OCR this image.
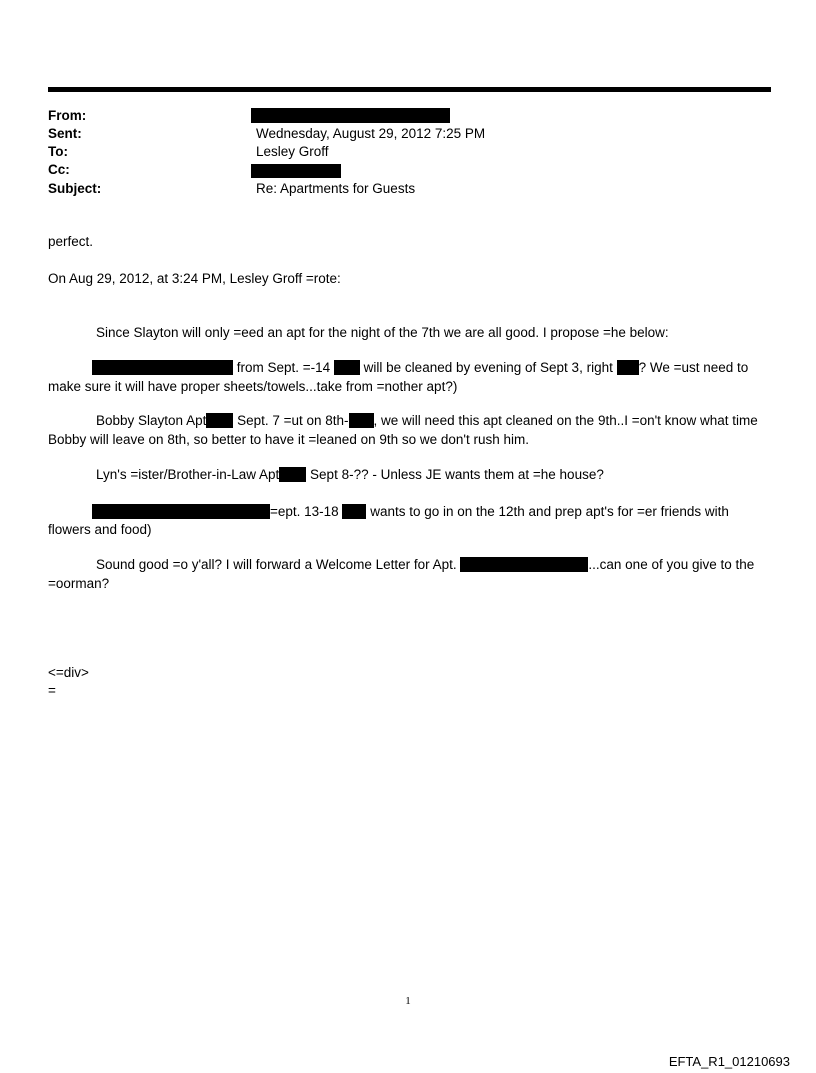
From:
Sent:	Wednesday, August 29, 2012 7:25 PM
To:	Lesley Groff
Cc:
Subject:	Re: Apartments for Guests
perfect.
On Aug 29, 2012, at 3:24 PM, Lesley Groff =rote:
Since Slayton will only =eed an apt for the night of the 7th we are all good. I propose =he below:
from Sept. =-14  will be cleaned by evening of Sept 3, right ? We =ust need to
make sure it will have proper sheets/towels...take from =nother apt?)
Bobby Slayton Apt Sept. 7 =ut on 8th- , we will need this apt cleaned on the 9th..I =on't know what time
Bobby will leave on 8th, so better to have it =leaned on 9th so we don't rush him.
Lyn's =ister/Brother-in-Law Apt Sept 8-?? - Unless JE wants them at =he house?
=ept. 13-18  wants to go in on the 12th and prep apt's for =er friends with
flowers and food)
Sound good =o y'all? I will forward a Welcome Letter for Apt.	...can one of you give to the
=oorman?
<=div>
=
1
EFTA_R1_01210693
